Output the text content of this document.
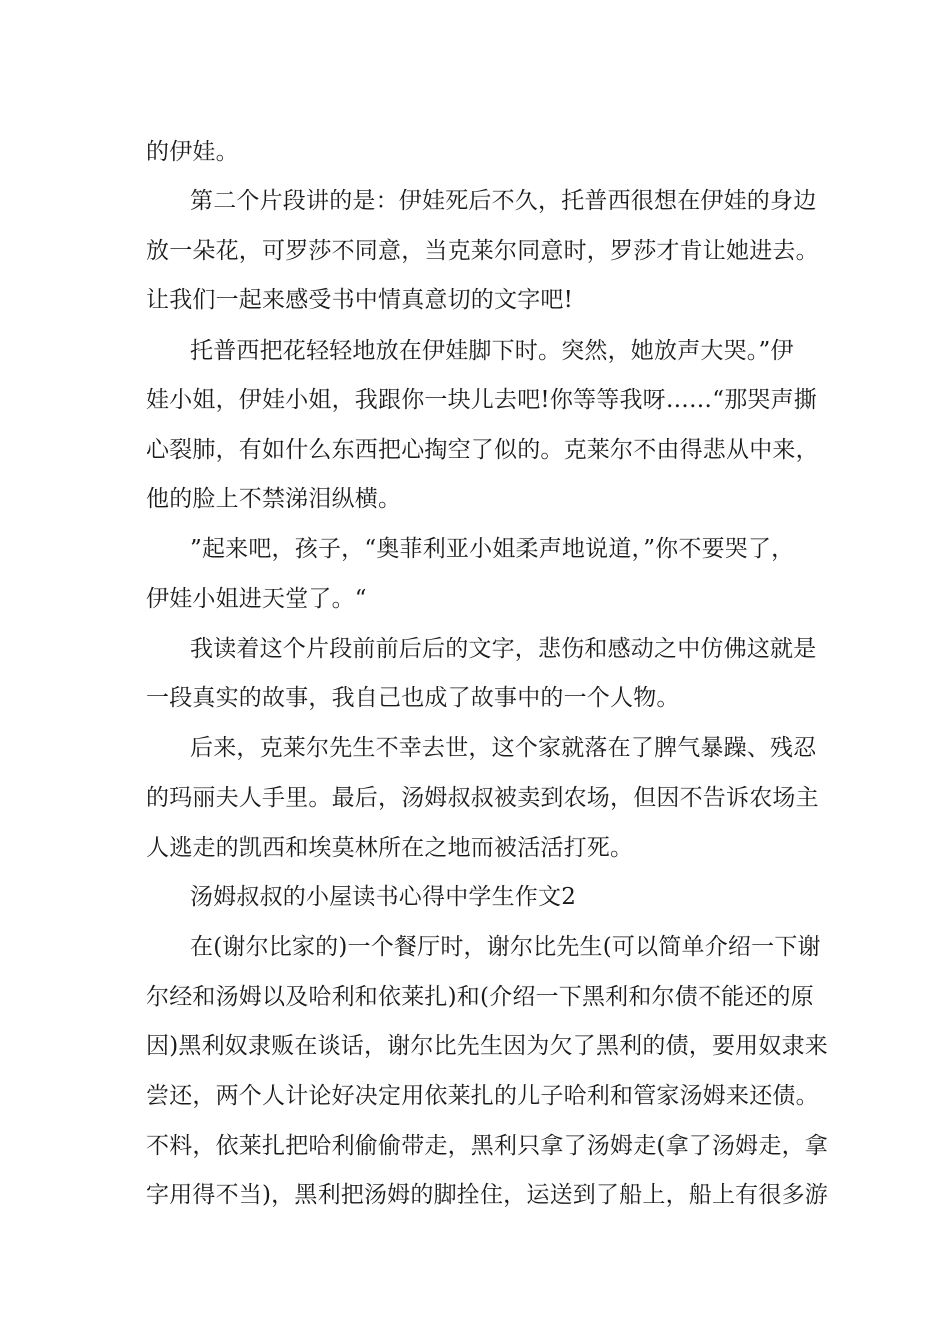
的伊娃。
第二个片段讲的是：伊娃死后不久，托普西很想在伊娃的身边
放一朵花，可罗莎不同意，当克莱尔同意时，罗莎才肯让她进去。
让我们一起来感受书中情真意切的文字吧!
托普西把花轻轻地放在伊娃脚下时。突然，她放声大哭。”伊
娃小姐，伊娃小姐，我跟你一块儿去吧!你等等我呀……“那哭声撕
心裂肺，有如什么东西把心掏空了似的。克莱尔不由得悲从中来，
他的脸上不禁涕泪纵横。
”起来吧，孩子，“奥菲利亚小姐柔声地说道，”你不要哭了，
伊娃小姐进天堂了。“
我读着这个片段前前后后的文字，悲伤和感动之中仿佛这就是
一段真实的故事，我自己也成了故事中的一个人物。
后来，克莱尔先生不幸去世，这个家就落在了脾气暴躁、残忍
的玛丽夫人手里。最后，汤姆叔叔被卖到农场，但因不告诉农场主
人逃走的凯西和埃莫林所在之地而被活活打死。
汤姆叔叔的小屋读书心得中学生作文2
在(谢尔比家的)一个餐厅时，谢尔比先生(可以简单介绍一下谢
尔经和汤姆以及哈利和依莱扎)和(介绍一下黑利和尔债不能还的原
因)黑利奴隶贩在谈话，谢尔比先生因为欠了黑利的债，要用奴隶来
尝还，两个人计论好决定用依莱扎的儿子哈利和管家汤姆来还债。
不料，依莱扎把哈利偷偷带走，黑利只拿了汤姆走(拿了汤姆走，拿
字用得不当)，黑利把汤姆的脚拴住，运送到了船上，船上有很多游
